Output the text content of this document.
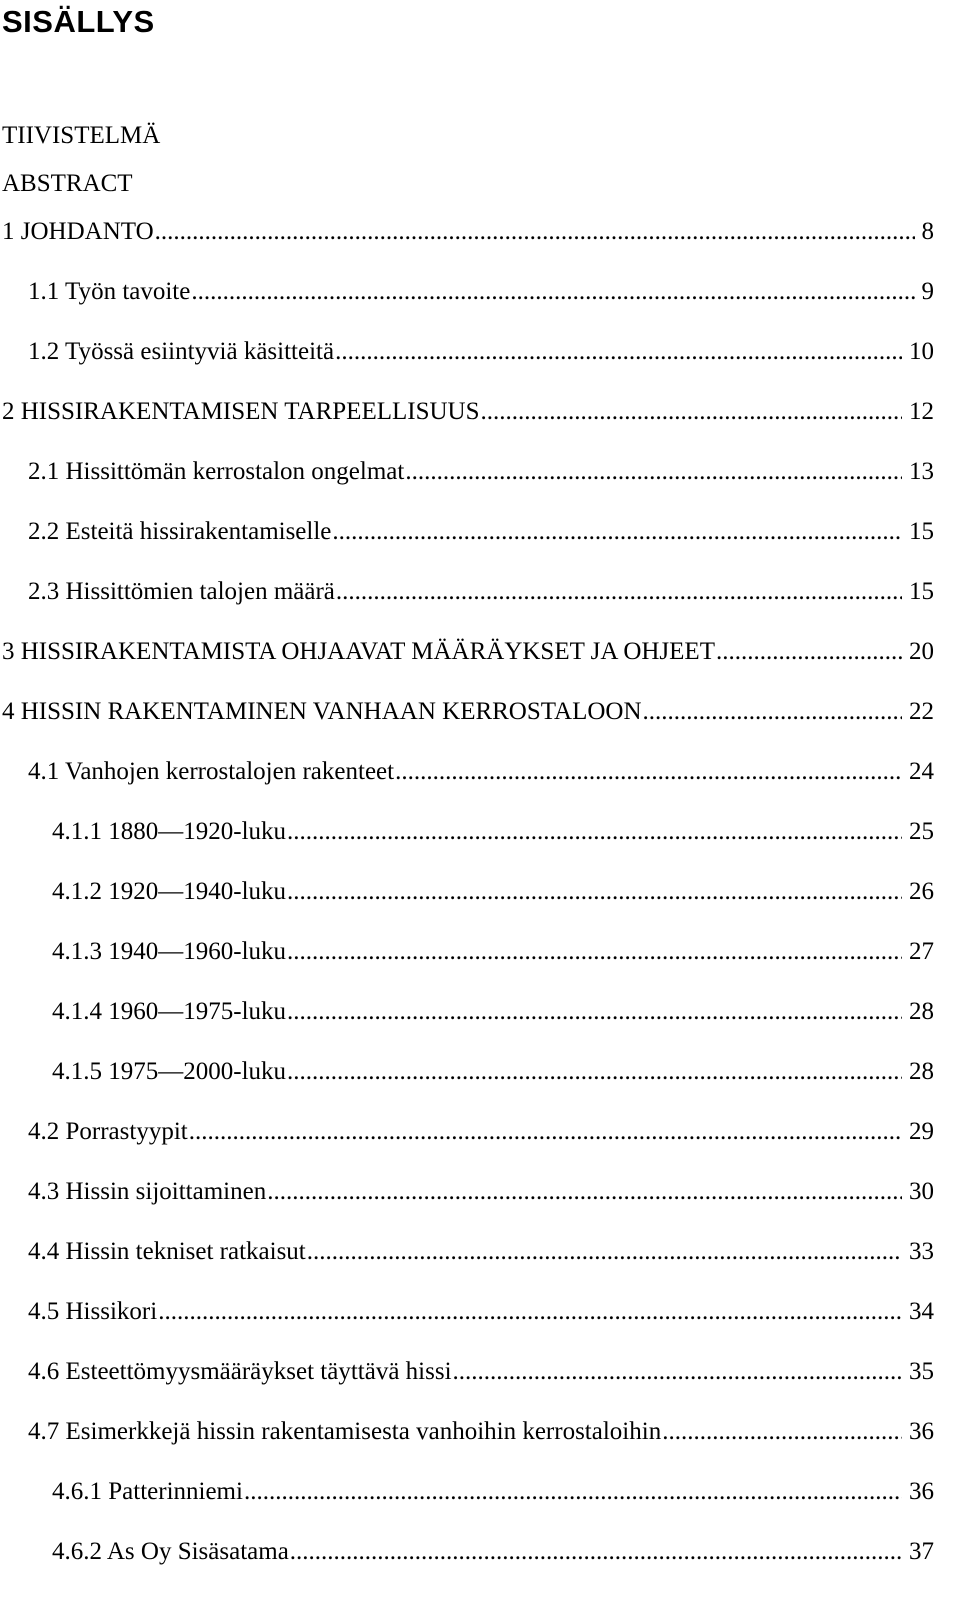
SISÄLLYS
TIIVISTELMÄ
ABSTRACT
1 JOHDANTO .....	8
1.1 Työn tavoite .....	9
1.2 Työssä esiintyviä käsitteitä .....	10
2 HISSIRAKENTAMISEN TARPEELLISUUS .....	12
2.1 Hissittömän kerrostalon ongelmat .....	13
2.2 Esteitä hissirakentamiselle .....	15
2.3 Hissittömien talojen määrä .....	15
3 HISSIRAKENTAMISTA OHJAAVAT MÄÄRÄYKSET JA OHJEET .....	20
4 HISSIN RAKENTAMINEN VANHAAN KERROSTALOON .....	22
4.1 Vanhojen kerrostalojen rakenteet .....	24
4.1.1 1880—1920-luku .....	25
4.1.2 1920—1940-luku .....	26
4.1.3 1940—1960-luku .....	27
4.1.4 1960—1975-luku .....	28
4.1.5 1975—2000-luku .....	28
4.2 Porrastyypit .....	29
4.3 Hissin sijoittaminen .....	30
4.4 Hissin tekniset ratkaisut .....	33
4.5 Hissikori .....	34
4.6 Esteettömyysmääräykset täyttävä hissi .....	35
4.7 Esimerkkejä hissin rakentamisesta vanhoihin kerrostaloihin .....	36
4.6.1 Patterinniemi .....	36
4.6.2 As Oy Sisäsatama .....	37
